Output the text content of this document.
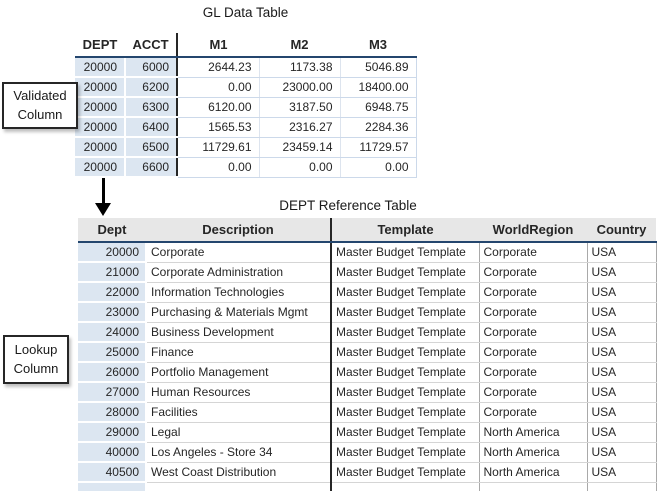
GL Data Table
DEPT	ACCT	M1	M2	M3
20000	6000	2644.23	1173.38	5046.89
20000	6200	0.00	23000.00	18400.00
20000	6300	6120.00	3187.50	6948.75
20000	6400	1565.53	2316.27	2284.36
20000	6500	11729.61	23459.14	11729.57
20000	6600	0.00	0.00	0.00
Validated
Column
DEPT Reference Table
Dept	Description	Template	WorldRegion	Country
20000	Corporate	Master Budget Template	Corporate	USA
21000	Corporate Administration	Master Budget Template	Corporate	USA
22000	Information Technologies	Master Budget Template	Corporate	USA
23000	Purchasing & Materials Mgmt	Master Budget Template	Corporate	USA
24000	Business Development	Master Budget Template	Corporate	USA
25000	Finance	Master Budget Template	Corporate	USA
26000	Portfolio Management	Master Budget Template	Corporate	USA
27000	Human Resources	Master Budget Template	Corporate	USA
28000	Facilities	Master Budget Template	Corporate	USA
29000	Legal	Master Budget Template	North America	USA
40000	Los Angeles - Store 34	Master Budget Template	North America	USA
40500	West Coast Distribution	Master Budget Template	North America	USA

Lookup
Column
